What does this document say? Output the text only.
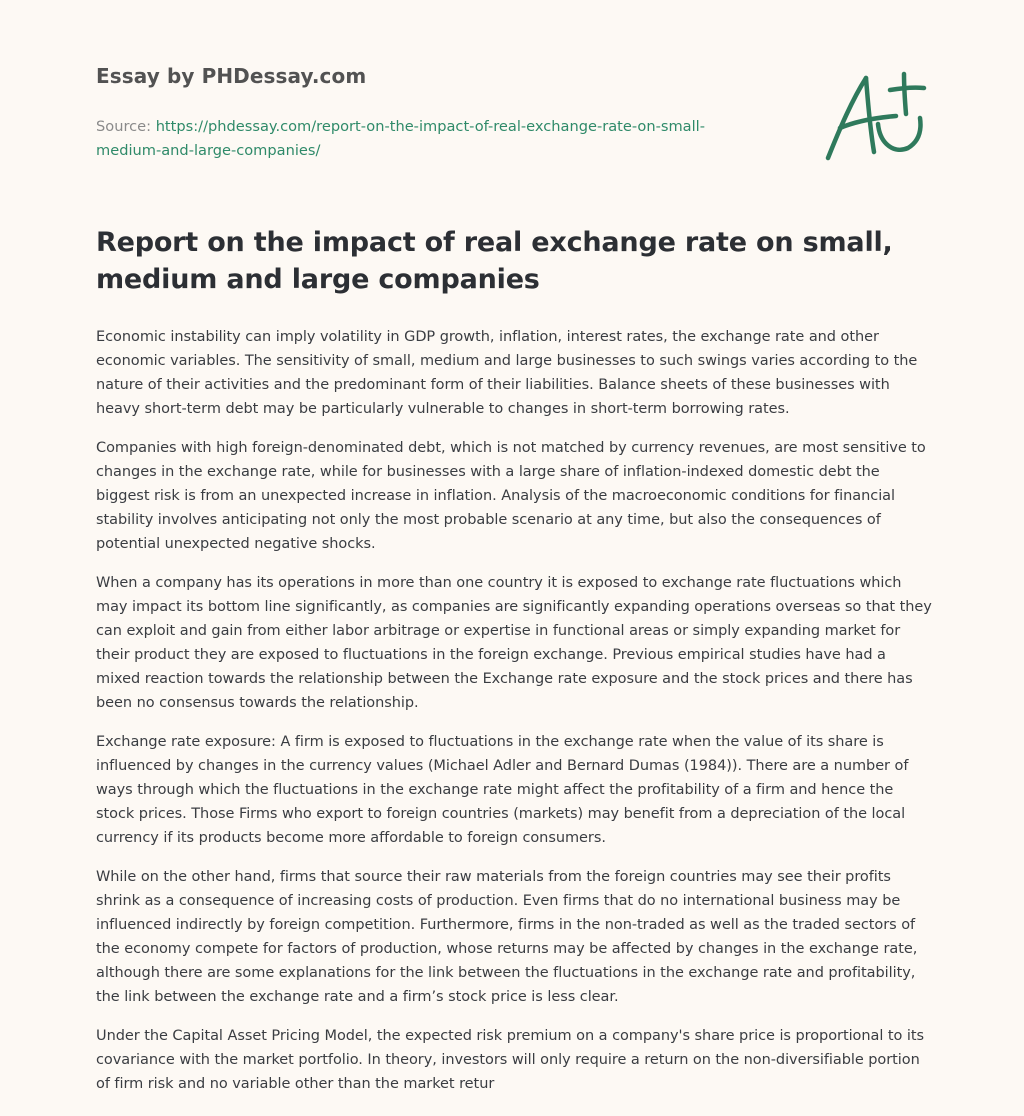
Essay by PHDessay.com
Source: https://phdessay.com/report-on-the-impact-of-real-exchange-rate-on-small-
medium-and-large-companies/
Report on the impact of real exchange rate on small, medium and large companies

Economic instability can imply volatility in GDP growth, inflation, interest rates, the exchange rate and other economic variables. The sensitivity of small, medium and large businesses to such swings varies according to the nature of their activities and the predominant form of their liabilities. Balance sheets of these businesses with heavy short-term debt may be particularly vulnerable to changes in short-term borrowing rates.

Companies with high foreign-denominated debt, which is not matched by currency revenues, are most sensitive to changes in the exchange rate, while for businesses with a large share of inflation-indexed domestic debt the biggest risk is from an unexpected increase in inflation. Analysis of the macroeconomic conditions for financial stability involves anticipating not only the most probable scenario at any time, but also the consequences of potential unexpected negative shocks.

When a company has its operations in more than one country it is exposed to exchange rate fluctuations which may impact its bottom line significantly, as companies are significantly expanding operations overseas so that they can exploit and gain from either labor arbitrage or expertise in functional areas or simply expanding market for their product they are exposed to fluctuations in the foreign exchange. Previous empirical studies have had a mixed reaction towards the relationship between the Exchange rate exposure and the stock prices and there has been no consensus towards the relationship.

Exchange rate exposure: A firm is exposed to fluctuations in the exchange rate when the value of its share is influenced by changes in the currency values (Michael Adler and Bernard Dumas (1984)). There are a number of ways through which the fluctuations in the exchange rate might affect the profitability of a firm and hence the stock prices. Those Firms who export to foreign countries (markets) may benefit from a depreciation of the local currency if its products become more affordable to foreign consumers.

While on the other hand, firms that source their raw materials from the foreign countries may see their profits shrink as a consequence of increasing costs of production. Even firms that do no international business may be influenced indirectly by foreign competition. Furthermore, firms in the non-traded as well as the traded sectors of the economy compete for factors of production, whose returns may be affected by changes in the exchange rate, although there are some explanations for the link between the fluctuations in the exchange rate and profitability, the link between the exchange rate and a firm’s stock price is less clear.

Under the Capital Asset Pricing Model, the expected risk premium on a company's share price is proportional to its covariance with the market portfolio. In theory, investors will only require a return on the non-diversifiable portion of firm risk and no variable other than the market retur
